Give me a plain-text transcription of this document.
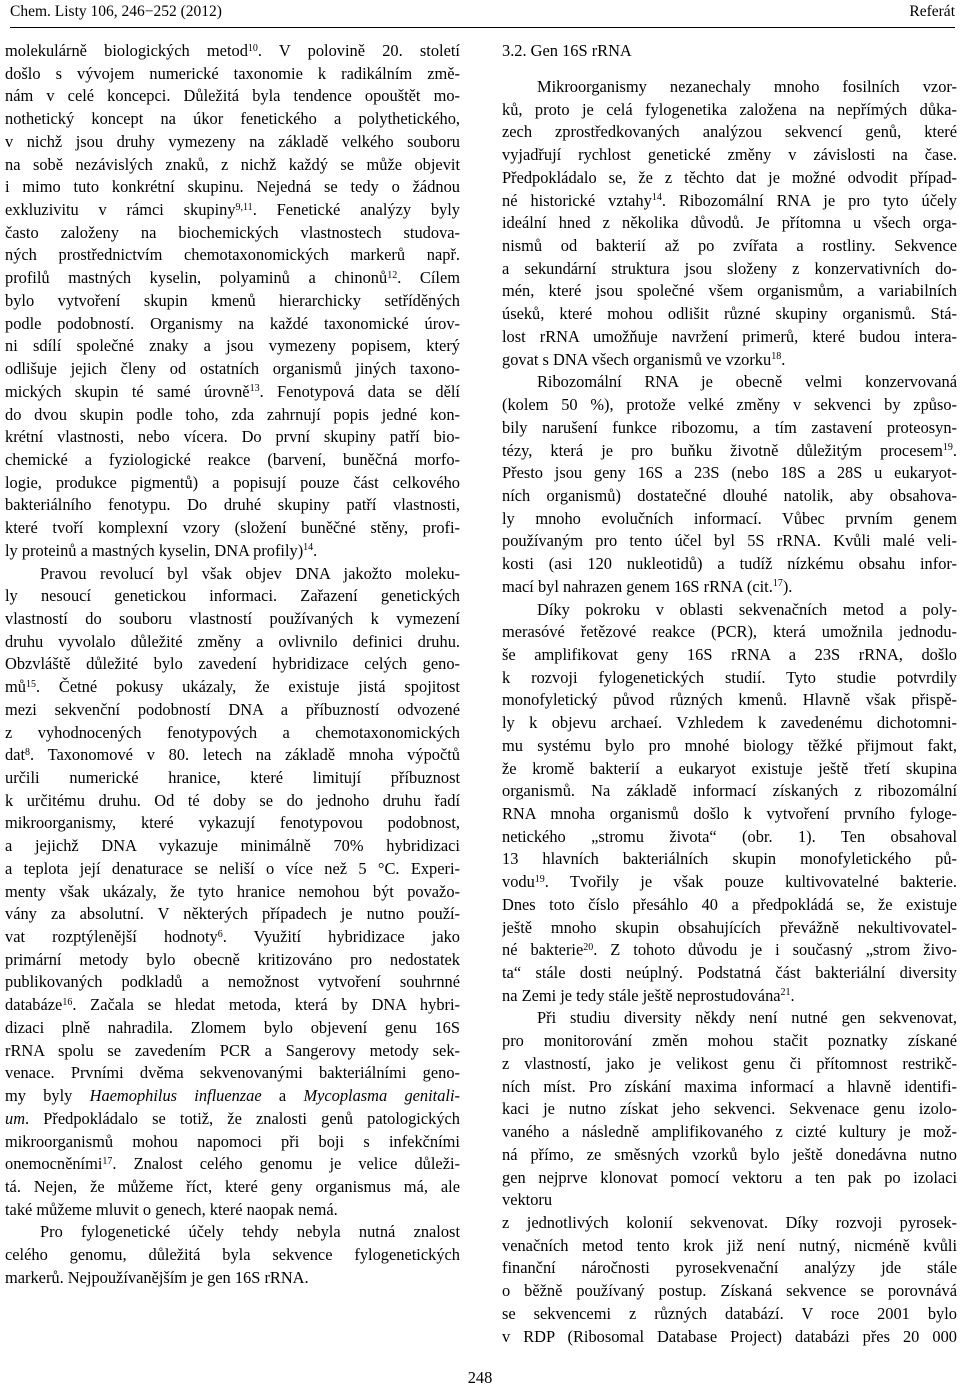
Chem. Listy 106, 246−252 (2012)	Referát
molekulárně biologických metod$^{10}$. V polovině 20. století
došlo s vývojem numerické taxonomie k radikálním změ-
nám v celé koncepci. Důležitá byla tendence opouštět mo-
nothetický koncept na úkor fenetického a polythetického,
v nichž jsou druhy vymezeny na základě velkého souboru
na sobě nezávislých znaků, z nichž každý se může objevit
i mimo tuto konkrétní skupinu. Nejedná se tedy o žádnou
exkluzivitu v rámci skupiny$^{9,11}$. Fenetické analýzy byly
často založeny na biochemických vlastnostech studova-
ných prostřednictvím chemotaxonomických markerů např.
profilů mastných kyselin, polyaminů a chinonů$^{12}$. Cílem
bylo vytvoření skupin kmenů hierarchicky setříděných
podle podobností. Organismy na každé taxonomické úrov-
ni sdílí společné znaky a jsou vymezeny popisem, který
odlišuje jejich členy od ostatních organismů jiných taxono-
mických skupin té samé úrovně$^{13}$. Fenotypová data se dělí
do dvou skupin podle toho, zda zahrnují popis jedné kon-
krétní vlastnosti, nebo vícera. Do první skupiny patří bio-
chemické a fyziologické reakce (barvení, buněčná morfo-
logie, produkce pigmentů) a popisují pouze část celkového
bakteriálního fenotypu. Do druhé skupiny patří vlastnosti,
které tvoří komplexní vzory (složení buněčné stěny, profi-
ly proteinů a mastných kyselin, DNA profily)$^{14}$.
Pravou revolucí byl však objev DNA jakožto moleku-
ly nesoucí genetickou informaci. Zařazení genetických
vlastností do souboru vlastností používaných k vymezení
druhu vyvolalo důležité změny a ovlivnilo definici druhu.
Obzvláště důležité bylo zavedení hybridizace celých geno-
$mů^{15}$. Četné pokusy ukázaly, že existuje jistá spojitost
mezi sekvenční podobností DNA a příbuzností odvozené
z vyhodnocených fenotypových a chemotaxonomických
dat$^8$. Taxonomové v 80. letech na základě mnoha výpočtů
určili numerické hranice, které limitují příbuznost
k určitému druhu. Od té doby se do jednoho druhu řadí
mikroorganismy, které vykazují fenotypovou podobnost,
a jejichž DNA vykazuje minimálně 70% hybridizaci
a teplota její denaturace se neliší o více než 5 °C. Experi-
menty však ukázaly, že tyto hranice nemohou být považo-
vány za absolutní. V některých případech je nutno použí-
vat rozptýlenější hodnoty$^6$. Využití hybridizace jako
primární metody bylo obecně kritizováno pro nedostatek
publikovaných podkladů a nemožnost vytvoření souhrnné
databáze$^{16}$. Začala se hledat metoda, která by DNA hybri-
dizaci plně nahradila. Zlomem bylo objevení genu 16S
rRNA spolu se zavedením PCR a Sangerovy metody sek-
venace. Prvními dvěma sekvenovanými bakteriálními geno-
my byly Haemophilus influenzae a Mycoplasma genitali-
um. Předpokládalo se totiž, že znalosti genů patologických
mikroorganismů mohou napomoci při boji s infekčními
onemocněními$^{17}$. Znalost celého genomu je velice důleži-
tá. Nejen, že můžeme říct, které geny organismus má, ale
také můžeme mluvit o genech, které naopak nemá.
Pro fylogenetické účely tehdy nebyla nutná znalost
celého genomu, důležitá byla sekvence fylogenetických
markerů. Nejpoužívanějším je gen 16S rRNA.
3.2. Gen 16S rRNA
Mikroorganismy nezanechaly mnoho fosilních vzor-
ků, proto je celá fylogenetika založena na nepřímých důka-
zech zprostředkovaných analýzou sekvencí genů, které
vyjadřují rychlost genetické změny v závislosti na čase.
Předpokládalo se, že z těchto dat je možné odvodit případ-
né historické vztahy$^{14}$. Ribozomální RNA je pro tyto účely
ideální hned z několika důvodů. Je přítomna u všech orga-
nismů od bakterií až po zvířata a rostliny. Sekvence
a sekundární struktura jsou složeny z konzervativních do-
mén, které jsou společné všem organismům, a variabilních
úseků, které mohou odlišit různé skupiny organismů. Stá-
lost rRNA umožňuje navržení primerů, které budou intera-
govat s DNA všech organismů ve vzorku$^{18}$.
Ribozomální RNA je obecně velmi konzervovaná
(kolem 50 %), protože velké změny v sekvenci by způso-
bily narušení funkce ribozomu, a tím zastavení proteosyn-
tézy, která je pro buňku životně důležitým procesem$^{19}$.
Přesto jsou geny 16S a 23S (nebo 18S a 28S u eukaryot-
ních organismů) dostatečné dlouhé natolik, aby obsahova-
ly mnoho evolučních informací. Vůbec prvním genem
používaným pro tento účel byl 5S rRNA. Kvůli malé veli-
kosti (asi 120 nukleotidů) a tudíž nízkému obsahu infor-
mací byl nahrazen genem 16S rRNA (cit.$^{17}$).
Díky pokroku v oblasti sekvenačních metod a poly-
merasóvé řetězové reakce (PCR), která umožnila jednodu-
še amplifikovat geny 16S rRNA a 23S rRNA, došlo
k rozvoji fylogenetických studií. Tyto studie potvrdily
monofyletický původ různých kmenů. Hlavně však přispě-
ly k objevu archaeí. Vzhledem k zavedenému dichotomni-
mu systému bylo pro mnohé biology těžké přijmout fakt,
že kromě bakterií a eukaryot existuje ještě třetí skupina
organismů. Na základě informací získaných z ribozomální
RNA mnoha organismů došlo k vytvoření prvního fyloge-
netického „stromu života“ (obr. 1). Ten obsahoval
13 hlavních bakteriálních skupin monofyletického pů-
vodu$^{19}$. Tvořily je však pouze kultivovatelné bakterie.
Dnes toto číslo přesáhlo 40 a předpokládá se, že existuje
ještě mnoho skupin obsahujících převážně nekultivovatel-
né bakterie$^{20}$. Z tohoto důvodu je i současný „strom živo-
ta“ stále dosti neúplný. Podstatná část bakteriální diversity
na Zemi je tedy stále ještě neprostudována$^{21}$.
Při studiu diversity někdy není nutné gen sekvenovat,
pro monitorování změn mohou stačit poznatky získané
z vlastností, jako je velikost genu či přítomnost restrikč-
ních míst. Pro získání maxima informací a hlavně identifi-
kaci je nutno získat jeho sekvenci. Sekvenace genu izolo-
vaného a následně amplifikovaného z cizté kultury je mož-
ná přímo, ze směsných vzorků bylo ještě donedávna nutno
gen nejprve klonovat pomocí vektoru a ten pak po izolaci
vektoru
z jednotlivých kolonií sekvenovat. Díky rozvoji pyrosek-
venačních metod tento krok již není nutný, nicméně kvůli
finanční náročnosti pyrosekvenační analýzy jde stále
o běžně používaný postup. Získaná sekvence se porovnává
se sekvencemi z různých databází. V roce 2001 bylo
v RDP (Ribosomal Database Project) databázi přes 20 000
248
